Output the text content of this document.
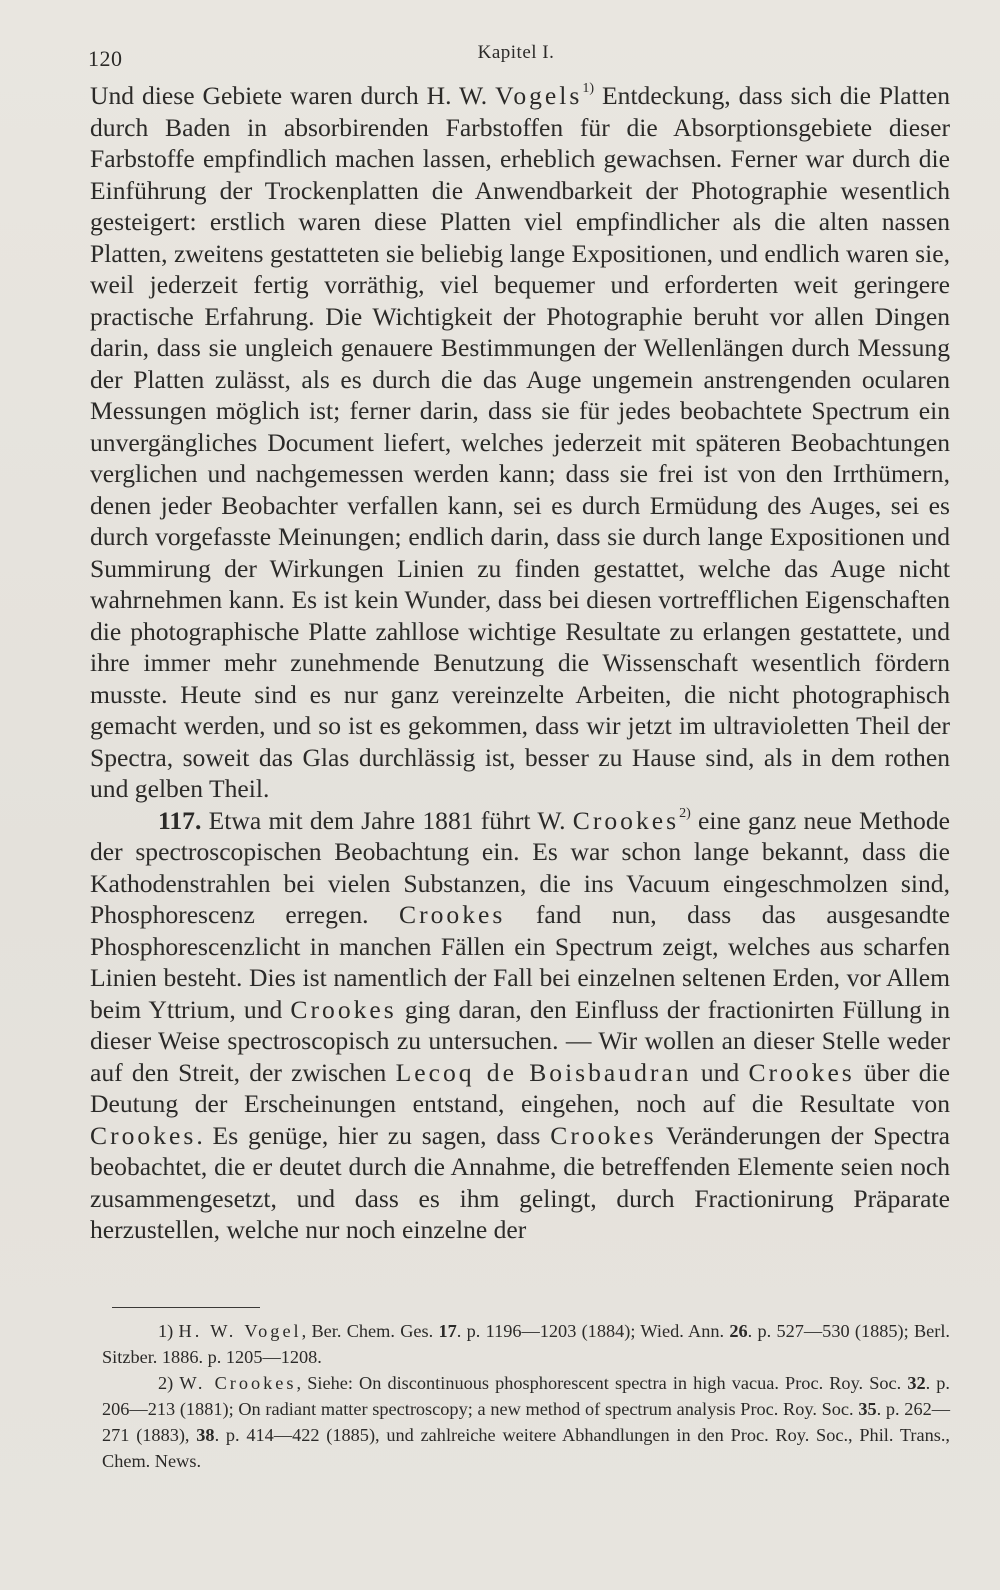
120	Kapitel I.

Und diese Gebiete waren durch H. W. Vogels$^{1)}$ Entdeckung, dass sich die Platten durch Baden in absorbirenden Farbstoffen für die Absorptionsgebiete dieser Farbstoffe empfindlich machen lassen, erheblich gewachsen. Ferner war durch die Einführung der Trockenplatten die Anwendbarkeit der Photographie wesentlich gesteigert: erstlich waren diese Platten viel empfindlicher als die alten nassen Platten, zweitens gestatteten sie beliebig lange Expositionen, und endlich waren sie, weil jederzeit fertig vorräthig, viel bequemer und erforderten weit geringere practische Erfahrung. Die Wichtigkeit der Photographie beruht vor allen Dingen darin, dass sie ungleich genauere Bestimmungen der Wellenlängen durch Messung der Platten zulässt, als es durch die das Auge ungemein anstrengenden ocularen Messungen möglich ist; ferner darin, dass sie für jedes beobachtete Spectrum ein unvergängliches Document liefert, welches jederzeit mit späteren Beobachtungen verglichen und nachgemessen werden kann; dass sie frei ist von den Irrthümern, denen jeder Beobachter verfallen kann, sei es durch Ermüdung des Auges, sei es durch vorgefasste Meinungen; endlich darin, dass sie durch lange Expositionen und Summirung der Wirkungen Linien zu finden gestattet, welche das Auge nicht wahrnehmen kann. Es ist kein Wunder, dass bei diesen vortrefflichen Eigenschaften die photographische Platte zahllose wichtige Resultate zu erlangen gestattete, und ihre immer mehr zunehmende Benutzung die Wissenschaft wesentlich fördern musste. Heute sind es nur ganz vereinzelte Arbeiten, die nicht photographisch gemacht werden, und so ist es gekommen, dass wir jetzt im ultravioletten Theil der Spectra, soweit das Glas durchlässig ist, besser zu Hause sind, als in dem rothen und gelben Theil.

117. Etwa mit dem Jahre 1881 führt W. Crookes$^{2)}$ eine ganz neue Methode der spectroscopischen Beobachtung ein. Es war schon lange bekannt, dass die Kathodenstrahlen bei vielen Substanzen, die ins Vacuum eingeschmolzen sind, Phosphorescenz erregen. Crookes fand nun, dass das ausgesandte Phosphorescenzlicht in manchen Fällen ein Spectrum zeigt, welches aus scharfen Linien besteht. Dies ist namentlich der Fall bei einzelnen seltenen Erden, vor Allem beim Yttrium, und Crookes ging daran, den Einfluss der fractionirten Füllung in dieser Weise spectroscopisch zu untersuchen. — Wir wollen an dieser Stelle weder auf den Streit, der zwischen Lecoq de Boisbaudran und Crookes über die Deutung der Erscheinungen entstand, eingehen, noch auf die Resultate von Crookes. Es genüge, hier zu sagen, dass Crookes Veränderungen der Spectra beobachtet, die er deutet durch die Annahme, die betreffenden Elemente seien noch zusammengesetzt, und dass es ihm gelingt, durch Fractionirung Präparate herzustellen, welche nur noch einzelne der

1) H. W. Vogel, Ber. Chem. Ges. 17. p. 1196—1203 (1884); Wied. Ann. 26. p. 527—530 (1885); Berl. Sitzber. 1886. p. 1205—1208.

2) W. Crookes, Siehe: On discontinuous phosphorescent spectra in high vacua. Proc. Roy. Soc. 32. p. 206—213 (1881); On radiant matter spectroscopy; a new method of spectrum analysis Proc. Roy. Soc. 35. p. 262—271 (1883), 38. p. 414—422 (1885), und zahlreiche weitere Abhandlungen in den Proc. Roy. Soc., Phil. Trans., Chem. News.
